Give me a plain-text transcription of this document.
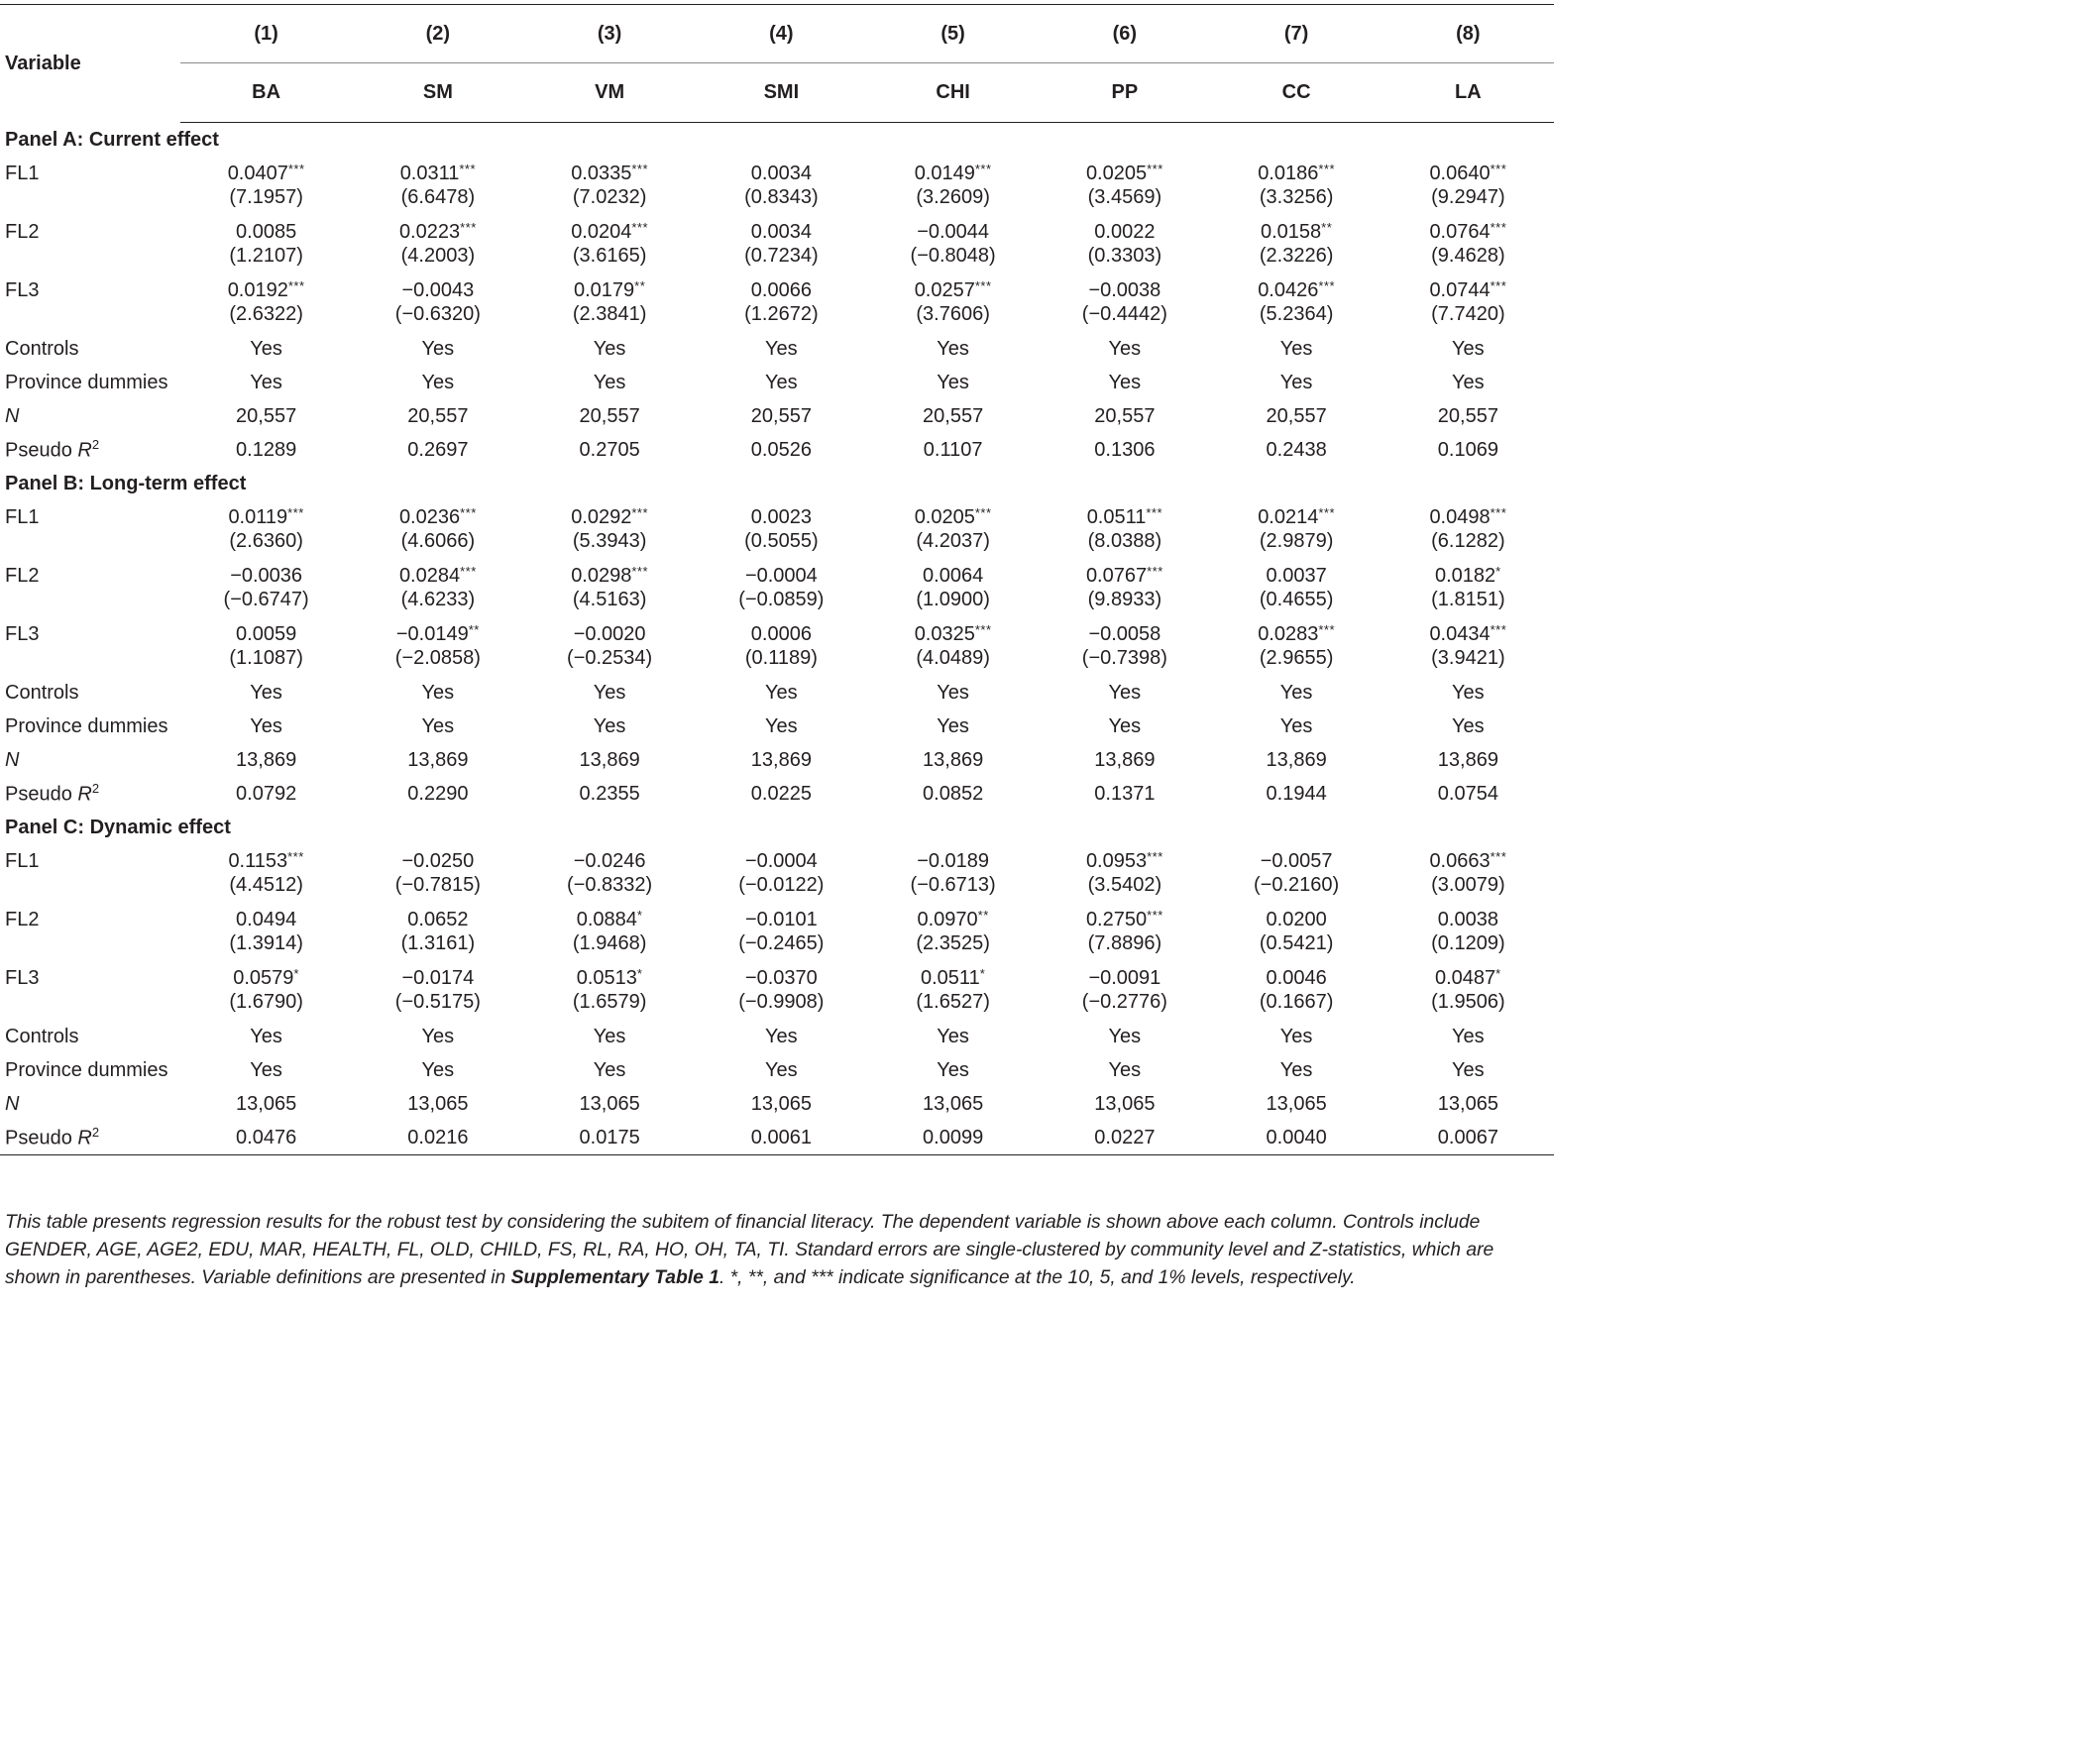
Variable	(1)	(2)	(3)	(4)	(5)	(6)	(7)	(8)
	BA	SM	VM	SMI	CHI	PP	CC	LA
Panel A: Current effect								
FL1	0.0407***	0.0311***	0.0335***	0.0034	0.0149***	0.0205***	0.0186***	0.0640***
	(7.1957)	(6.6478)	(7.0232)	(0.8343)	(3.2609)	(3.4569)	(3.3256)	(9.2947)
FL2	0.0085	0.0223***	0.0204***	0.0034	−0.0044	0.0022	0.0158**	0.0764***
	(1.2107)	(4.2003)	(3.6165)	(0.7234)	(−0.8048)	(0.3303)	(2.3226)	(9.4628)
FL3	0.0192***	−0.0043	0.0179**	0.0066	0.0257***	−0.0038	0.0426***	0.0744***
	(2.6322)	(−0.6320)	(2.3841)	(1.2672)	(3.7606)	(−0.4442)	(5.2364)	(7.7420)
Controls	Yes	Yes	Yes	Yes	Yes	Yes	Yes	Yes
Province dummies	Yes	Yes	Yes	Yes	Yes	Yes	Yes	Yes
N	20,557	20,557	20,557	20,557	20,557	20,557	20,557	20,557
Pseudo $R^2$	0.1289	0.2697	0.2705	0.0526	0.1107	0.1306	0.2438	0.1069
Panel B: Long-term effect								
FL1	0.0119***	0.0236***	0.0292***	0.0023	0.0205***	0.0511***	0.0214***	0.0498***
	(2.6360)	(4.6066)	(5.3943)	(0.5055)	(4.2037)	(8.0388)	(2.9879)	(6.1282)
FL2	−0.0036	0.0284***	0.0298***	−0.0004	0.0064	0.0767***	0.0037	0.0182*
	(−0.6747)	(4.6233)	(4.5163)	(−0.0859)	(1.0900)	(9.8933)	(0.4655)	(1.8151)
FL3	0.0059	−0.0149**	−0.0020	0.0006	0.0325***	−0.0058	0.0283***	0.0434***
	(1.1087)	(−2.0858)	(−0.2534)	(0.1189)	(4.0489)	(−0.7398)	(2.9655)	(3.9421)
Controls	Yes	Yes	Yes	Yes	Yes	Yes	Yes	Yes
Province dummies	Yes	Yes	Yes	Yes	Yes	Yes	Yes	Yes
N	13,869	13,869	13,869	13,869	13,869	13,869	13,869	13,869
Pseudo $R^2$	0.0792	0.2290	0.2355	0.0225	0.0852	0.1371	0.1944	0.0754
Panel C: Dynamic effect								
FL1	0.1153***	−0.0250	−0.0246	−0.0004	−0.0189	0.0953***	−0.0057	0.0663***
	(4.4512)	(−0.7815)	(−0.8332)	(−0.0122)	(−0.6713)	(3.5402)	(−0.2160)	(3.0079)
FL2	0.0494	0.0652	0.0884*	−0.0101	0.0970**	0.2750***	0.0200	0.0038
	(1.3914)	(1.3161)	(1.9468)	(−0.2465)	(2.3525)	(7.8896)	(0.5421)	(0.1209)
FL3	0.0579*	−0.0174	0.0513*	−0.0370	0.0511*	−0.0091	0.0046	0.0487*
	(1.6790)	(−0.5175)	(1.6579)	(−0.9908)	(1.6527)	(−0.2776)	(0.1667)	(1.9506)
Controls	Yes	Yes	Yes	Yes	Yes	Yes	Yes	Yes
Province dummies	Yes	Yes	Yes	Yes	Yes	Yes	Yes	Yes
N	13,065	13,065	13,065	13,065	13,065	13,065	13,065	13,065
Pseudo $R^2$	0.0476	0.0216	0.0175	0.0061	0.0099	0.0227	0.0040	0.0067
This table presents regression results for the robust test by considering the subitem of financial literacy. The dependent variable is shown above each column. Controls include GENDER, AGE, AGE2, EDU, MAR, HEALTH, FL, OLD, CHILD, FS, RL, RA, HO, OH, TA, TI. Standard errors are single-clustered by community level and Z-statistics, which are shown in parentheses. Variable definitions are presented in Supplementary Table 1. *, **, and *** indicate significance at the 10, 5, and 1% levels, respectively.
